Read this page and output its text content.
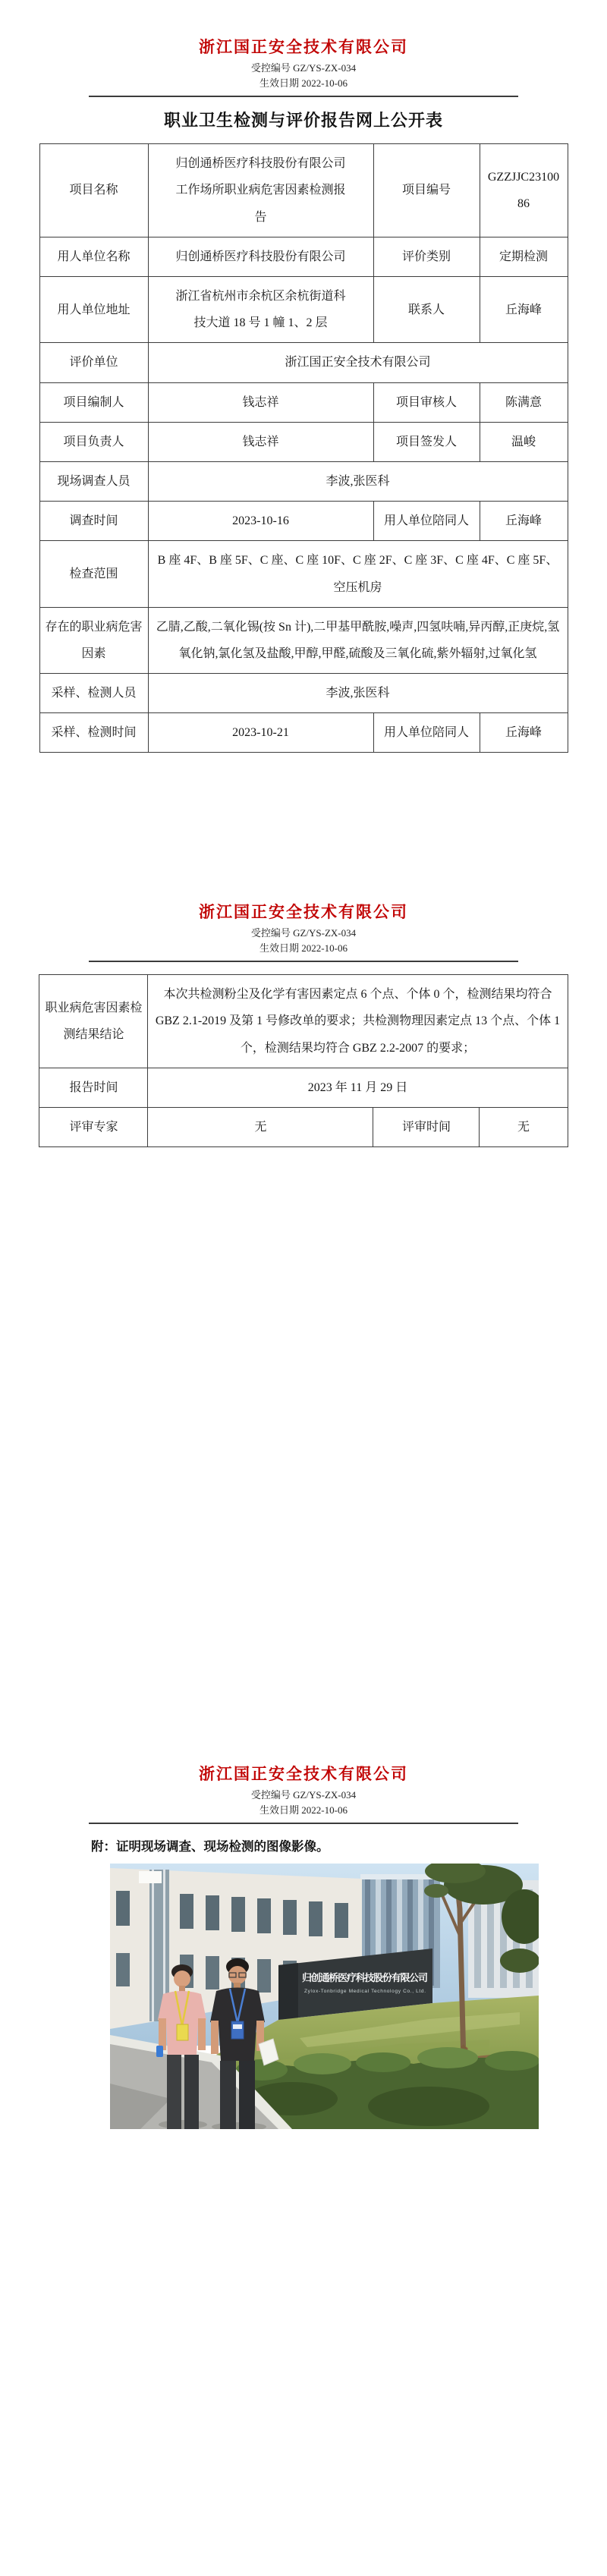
浙江国正安全技术有限公司
受控编号 GZ/YS-ZX-034
生效日期 2022-10-06
职业卫生检测与评价报告网上公开表
项目名称	归创通桥医疗科技股份有限公司工作场所职业病危害因素检测报告	项目编号	GZZJJC2310086
用人单位名称	归创通桥医疗科技股份有限公司	评价类别	定期检测
用人单位地址	浙江省杭州市余杭区余杭街道科技大道 18 号 1 幢 1、2 层	联系人	丘海峰
评价单位	浙江国正安全技术有限公司		
项目编制人	钱志祥	项目审核人	陈满意
项目负责人	钱志祥	项目签发人	温峻
现场调查人员	李波,张医科		
调查时间	2023-10-16	用人单位陪同人	丘海峰
检查范围	B 座 4F、B 座 5F、C 座、C 座 10F、C 座 2F、C 座 3F、C 座 4F、C 座 5F、空压机房		
存在的职业病危害因素	乙腈,乙酸,二氧化锡(按 Sn 计),二甲基甲酰胺,噪声,四氢呋喃,异丙醇,正庚烷,氢氧化钠,氯化氢及盐酸,甲醇,甲醛,硫酸及三氧化硫,紫外辐射,过氧化氢		
采样、检测人员	李波,张医科		
采样、检测时间	2023-10-21	用人单位陪同人	丘海峰
浙江国正安全技术有限公司
受控编号 GZ/YS-ZX-034
生效日期 2022-10-06
职业病危害因素检测结果结论	本次共检测粉尘及化学有害因素定点 6 个点、个体 0 个，检测结果均符合 GBZ 2.1-2019 及第 1 号修改单的要求；共检测物理因素定点 13 个点、个体 1 个，检测结果均符合 GBZ 2.2-2007 的要求；		
报告时间	2023 年 11 月 29 日		
评审专家	无	评审时间	无
浙江国正安全技术有限公司
受控编号 GZ/YS-ZX-034
生效日期 2022-10-06
附：证明现场调查、现场检测的图像影像。
归创通桥医疗科技股份有限公司
Zylox-Tonbridge Medical Technology Co., Ltd.
